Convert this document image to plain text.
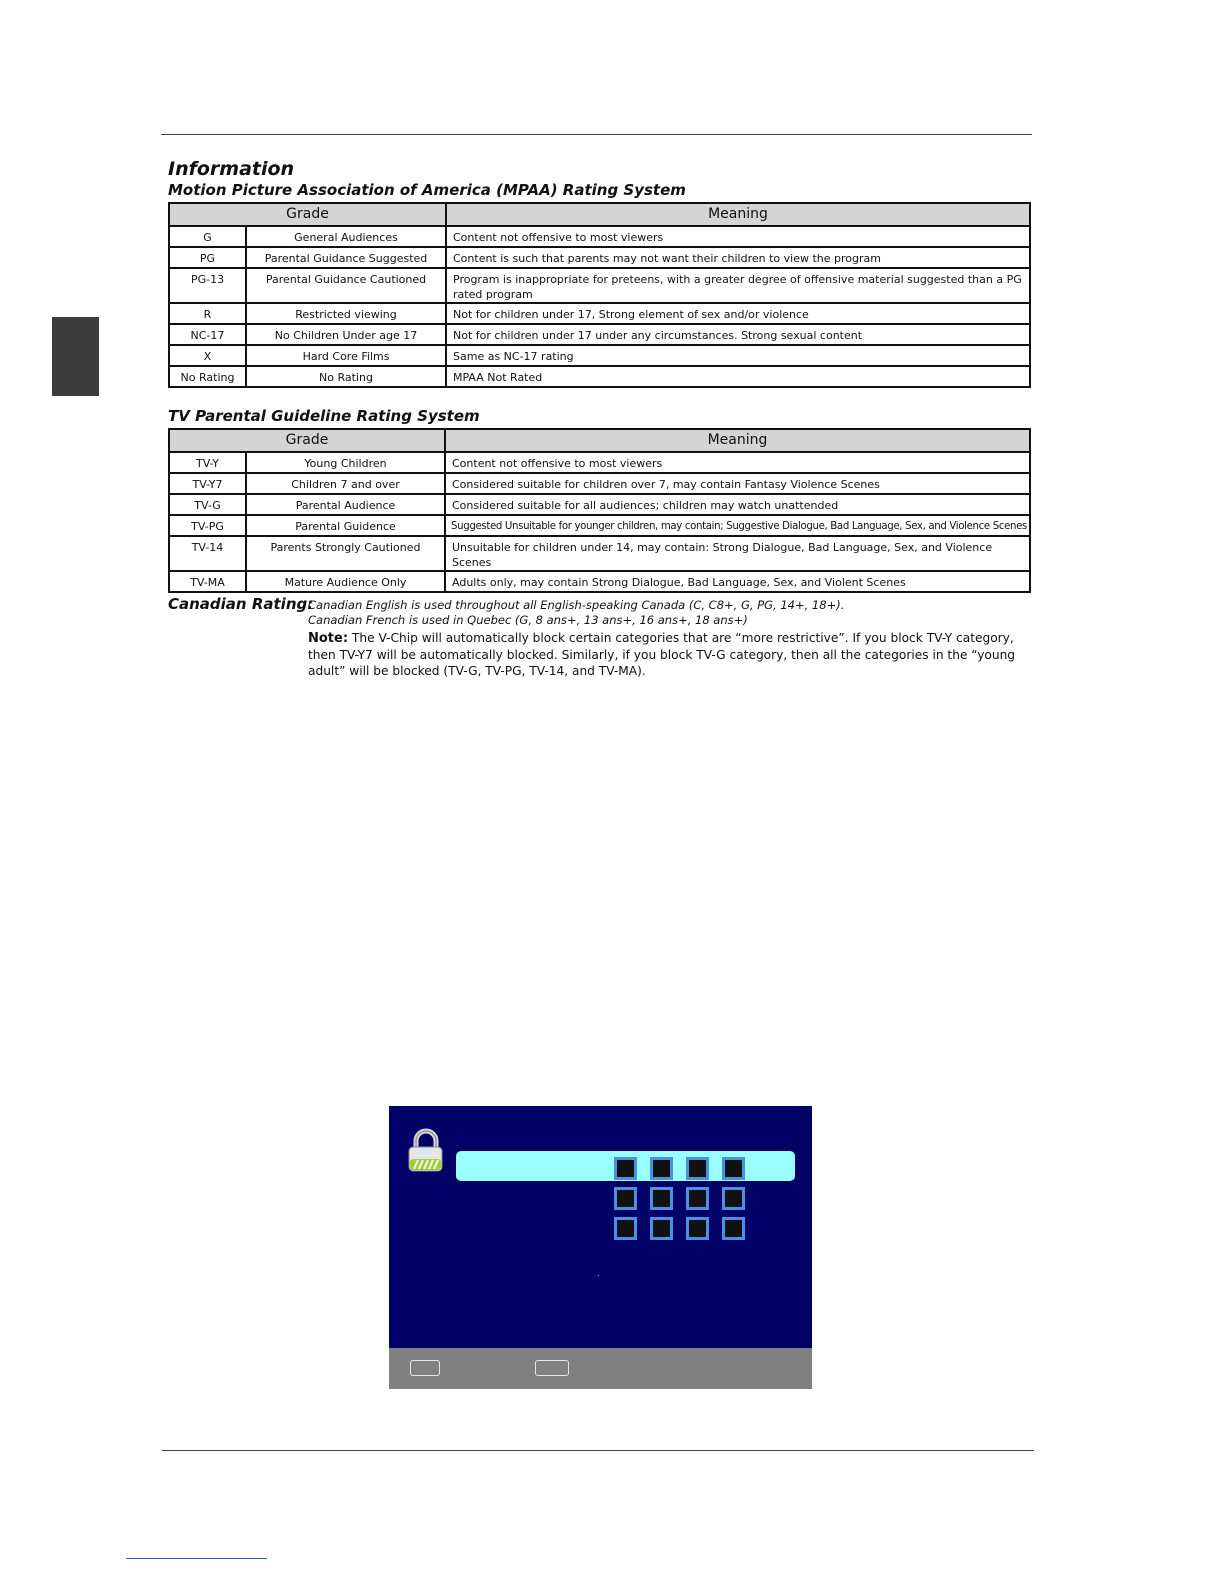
Information
Motion Picture Association of America (MPAA) Rating System
Grade		Meaning
G	General Audiences	Content not offensive to most viewers
PG	Parental Guidance Suggested	Content is such that parents may not want their children to view the program
PG-13	Parental Guidance Cautioned	Program is inappropriate for preteens, with a greater degree of offensive material suggested than a PG rated program
R	Restricted viewing	Not for children under 17, Strong element of sex and/or violence
NC-17	No Children Under age 17	Not for children under 17 under any circumstances. Strong sexual content
X	Hard Core Films	Same as NC-17 rating
No Rating	No Rating	MPAA Not Rated
TV Parental Guideline Rating System
Grade		Meaning
TV-Y	Young Children	Content not offensive to most viewers
TV-Y7	Children 7 and over	Considered suitable for children over 7, may contain Fantasy Violence Scenes
TV-G	Parental Audience	Considered suitable for all audiences; children may watch unattended
TV-PG	Parental Guidence	Suggested Unsuitable for younger children, may contain; Suggestive Dialogue, Bad Language, Sex, and Violence Scenes
TV-14	Parents Strongly Cautioned	Unsuitable for children under 14, may contain: Strong Dialogue, Bad Language, Sex, and Violence Scenes
TV-MA	Mature Audience Only	Adults only, may contain Strong Dialogue, Bad Language, Sex, and Violent Scenes
Canadian Rating:
Canadian English is used throughout all English-speaking Canada (C, C8+, G, PG, 14+, 18+).
Canadian French is used in Quebec (G, 8 ans+, 13 ans+, 16 ans+, 18 ans+)
Note: The V-Chip will automatically block certain categories that are “more restrictive”. If you block TV-Y category, then TV-Y7 will be automatically blocked. Similarly, if you block TV-G category, then all the categories in the “young adult” will be blocked (TV-G, TV-PG, TV-14, and TV-MA).
